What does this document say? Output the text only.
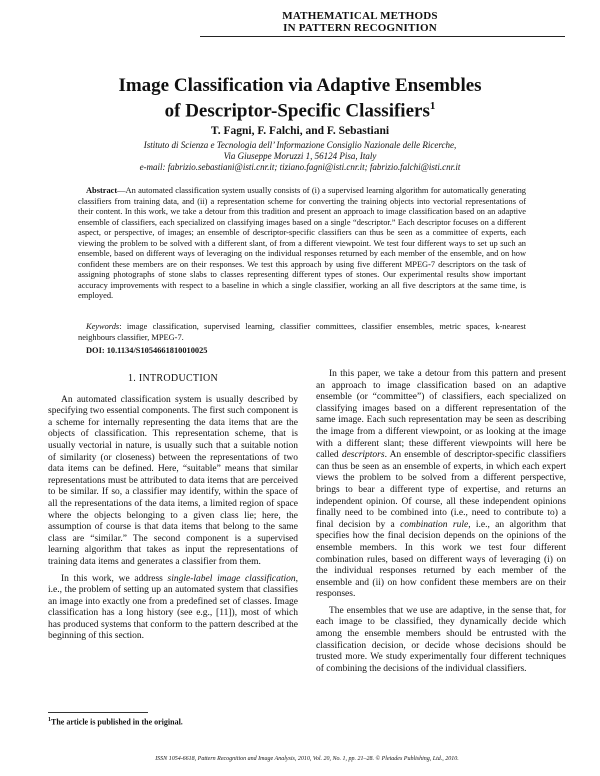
MATHEMATICAL METHODS
IN PATTERN RECOGNITION
Image Classification via Adaptive Ensembles
of Descriptor-Specific Classifiers$^1$
T. Fagni, F. Falchi, and F. Sebastiani
Istituto di Scienza e Tecnologia dell’ Informazione Consiglio Nazionale delle Ricerche,
Via Giuseppe Moruzzi 1, 56124 Pisa, Italy
e-mail: fabrizio.sebastiani@isti.cnr.it; tiziano.fagni@isti.cnr.it; fabrizio.falchi@isti.cnr.it
Abstract—An automated classification system usually consists of (i) a supervised learning algorithm for automatically generating classifiers from training data, and (ii) a representation scheme for converting the training objects into vectorial representations of their content. In this work, we take a detour from this tradition and present an approach to image classification based on an adaptive ensemble of classifiers, each specialized on classifying images based on a single “descriptor.” Each descriptor focuses on a different aspect, or perspective, of images; an ensemble of descriptor-specific classifiers can thus be seen as a committee of experts, each viewing the problem to be solved with a different slant, of from a different viewpoint. We test four different ways to set up such an ensemble, based on different ways of leveraging on the individual responses returned by each member of the ensemble, and on how confident these members are on their responses. We test this approach by using five different MPEG-7 descriptors on the task of assigning photographs of stone slabs to classes representing different types of stones. Our experimental results show important accuracy improvements with respect to a baseline in which a single classifier, working an all five descriptors at the same time, is employed.
Keywords: image classification, supervised learning, classifier committees, classifier ensembles, metric spaces, k-nearest neighbours classifier, MPEG-7.
DOI: 10.1134/S1054661810010025
1. INTRODUCTION

An automated classification system is usually described by specifying two essential components. The first such component is a scheme for internally representing the data items that are the objects of classification. This representation scheme, that is usually vectorial in nature, is usually such that a suitable notion of similarity (or closeness) between the representations of two data items can be defined. Here, “suitable” means that similar representations must be attributed to data items that are perceived to be similar. If so, a classifier may identify, within the space of all the representations of the data items, a limited region of space where the objects belonging to a given class lie; here, the assumption of course is that data items that belong to the same class are “similar.” The second component is a supervised learning algorithm that takes as input the representations of training data items and generates a classifier from them.

In this work, we address single-label image classification, i.e., the problem of setting up an automated system that classifies an image into exactly one from a predefined set of classes. Image classification has a long history (see e.g., [11]), most of which has produced systems that conform to the pattern described at the beginning of this section.

In this paper, we take a detour from this pattern and present an approach to image classification based on an adaptive ensemble (or “committee”) of classifiers, each specialized on classifying images based on a different representation of the same image. Each such representation may be seen as describing the image from a different viewpoint, or as looking at the image with a different slant; these different viewpoints will here be called descriptors. An ensemble of descriptor-specific classifiers can thus be seen as an ensemble of experts, in which each expert views the problem to be solved from a different perspective, brings to bear a different type of expertise, and returns an independent opinion. Of course, all these independent opinions finally need to be combined into (i.e., need to contribute to) a final decision by a combination rule, i.e., an algorithm that specifies how the final decision depends on the opinions of the ensemble members. In this work we test four different combination rules, based on different ways of leveraging (i) on the individual responses returned by each member of the ensemble and (ii) on how confident these members are on their responses.

The ensembles that we use are adaptive, in the sense that, for each image to be classified, they dynamically decide which among the ensemble members should be entrusted with the classification decision, or decide whose decisions should be trusted more. We study experimentally four different techniques of combining the decisions of the individual classifiers.

$^1$The article is published in the original.
ISSN 1054-6618, Pattern Recognition and Image Analysis, 2010, Vol. 20, No. 1, pp. 21–28. © Pleiades Publishing, Ltd., 2010.
